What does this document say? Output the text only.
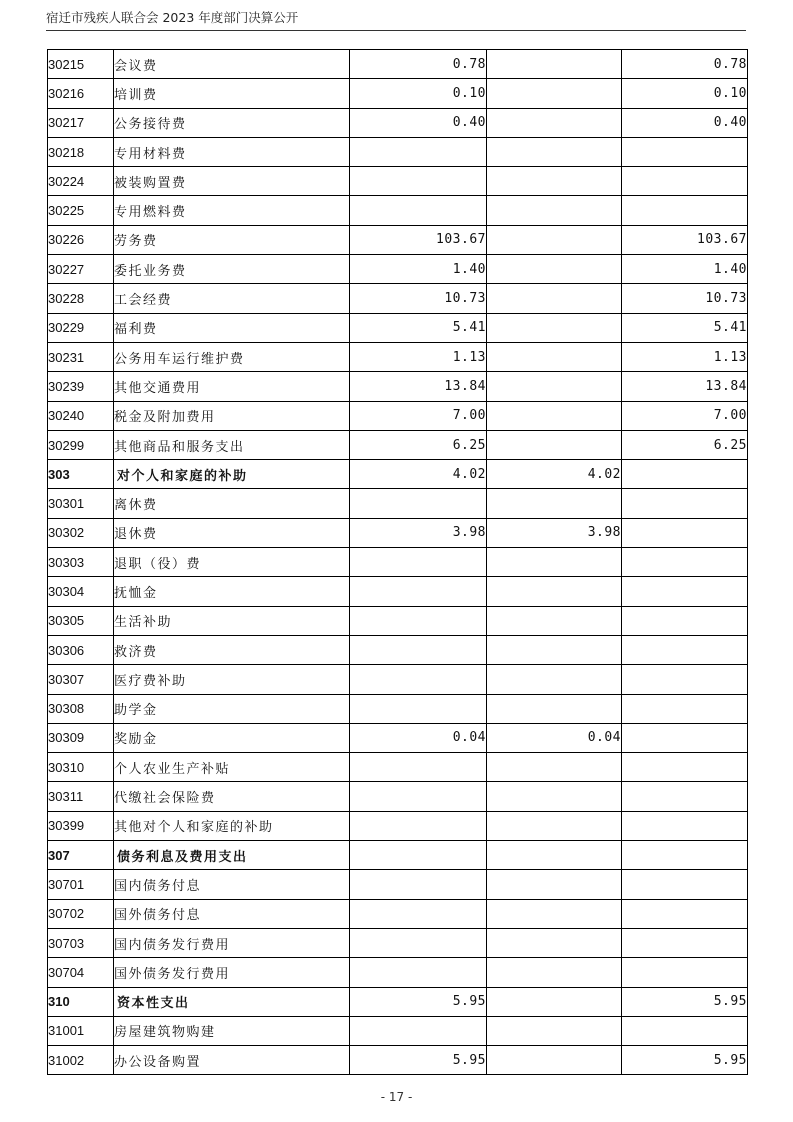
宿迁市残疾人联合会 2023 年度部门决算公开
30215	会议费	0.78		0.78
30216	培训费	0.10		0.10
30217	公务接待费	0.40		0.40
30218	专用材料费			
30224	被装购置费			
30225	专用燃料费			
30226	劳务费	103.67		103.67
30227	委托业务费	1.40		1.40
30228	工会经费	10.73		10.73
30229	福利费	5.41		5.41
30231	公务用车运行维护费	1.13		1.13
30239	其他交通费用	13.84		13.84
30240	税金及附加费用	7.00		7.00
30299	其他商品和服务支出	6.25		6.25
303	对个人和家庭的补助	4.02	4.02	
30301	离休费			
30302	退休费	3.98	3.98	
30303	退职（役）费			
30304	抚恤金			
30305	生活补助			
30306	救济费			
30307	医疗费补助			
30308	助学金			
30309	奖励金	0.04	0.04	
30310	个人农业生产补贴			
30311	代缴社会保险费			
30399	其他对个人和家庭的补助			
307	债务利息及费用支出			
30701	国内债务付息			
30702	国外债务付息			
30703	国内债务发行费用			
30704	国外债务发行费用			
310	资本性支出	5.95		5.95
31001	房屋建筑物购建			
31002	办公设备购置	5.95		5.95
- 17 -
